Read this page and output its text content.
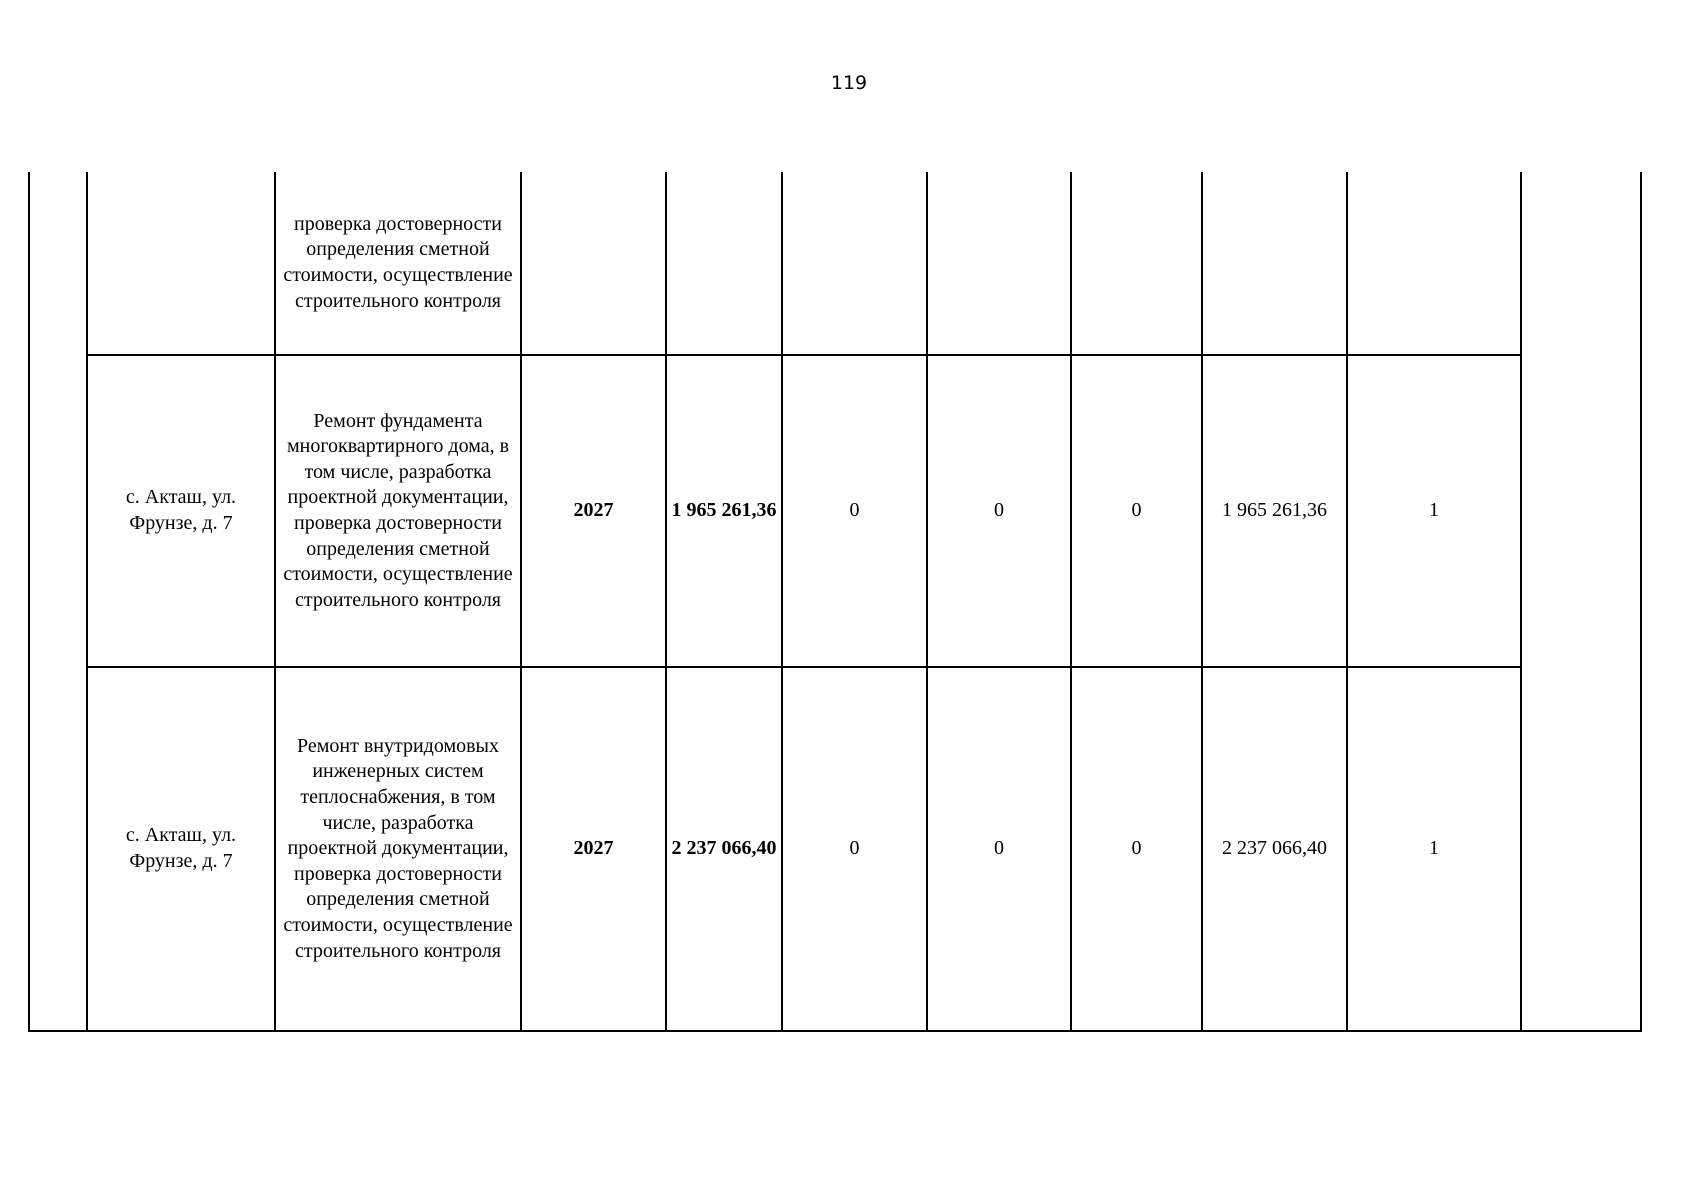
119
		проверка достоверности определения сметной стоимости, осуществление строительного контроля								
	с. Акташ, ул. Фрунзе, д. 7	Ремонт фундамента многоквартирного дома, в том числе, разработка проектной документации, проверка достоверности определения сметной стоимости, осуществление строительного контроля	2027	1 965 261,36	0	0	0	1 965 261,36	1	
	с. Акташ, ул. Фрунзе, д. 7	Ремонт внутридомовых инженерных систем теплоснабжения, в том числе, разработка проектной документации, проверка достоверности определения сметной стоимости, осуществление строительного контроля	2027	2 237 066,40	0	0	0	2 237 066,40	1	
